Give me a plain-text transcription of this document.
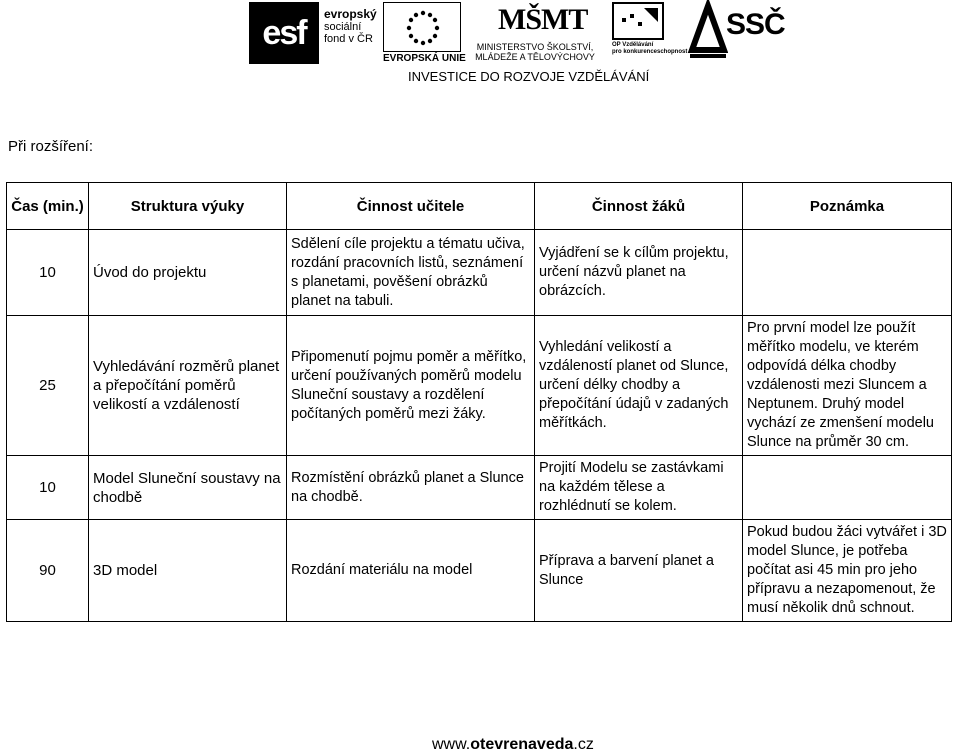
esf	evropský
sociální
fond v ČR
EVROPSKÁ UNIE
MŠMT
MINISTERSTVO ŠKOLSTVÍ,
MLÁDEŽE A TĚLOVÝCHOVY
OP Vzdělávání
pro konkurenceschopnost
SSČ
INVESTICE DO ROZVOJE VZDĚLÁVÁNÍ
Při rozšíření:
Čas (min.)	Struktura výuky	Činnost učitele	Činnost žáků	Poznámka
10	Úvod do projektu	Sdělení cíle projektu a tématu učiva, rozdání pracovních listů, seznámení s planetami, pověšení obrázků planet na tabuli.	Vyjádření se k cílům projektu, určení názvů planet na obrázcích.	
25	Vyhledávání rozměrů planet a přepočítání poměrů velikostí a vzdáleností	Připomenutí pojmu poměr a měřítko, určení používaných poměrů modelu Sluneční soustavy a rozdělení počítaných poměrů mezi žáky.	Vyhledání velikostí a vzdáleností planet od Slunce, určení délky chodby a přepočítání údajů v zadaných měřítkách.	Pro první model lze použít měřítko modelu, ve kterém odpovídá délka chodby vzdálenosti mezi Sluncem a Neptunem. Druhý model vychází ze zmenšení modelu Slunce na průměr 30 cm.
10	Model Sluneční soustavy na chodbě	Rozmístění obrázků planet a Slunce na chodbě.	Projití Modelu se zastávkami na každém tělese a rozhlédnutí se kolem.	
90	3D model	Rozdání materiálu na model	Příprava a barvení planet a Slunce	Pokud budou žáci vytvářet i 3D model Slunce, je potřeba počítat asi 45 min pro jeho přípravu a nezapomenout, že musí několik dnů schnout.
www.otevrenaveda.cz
